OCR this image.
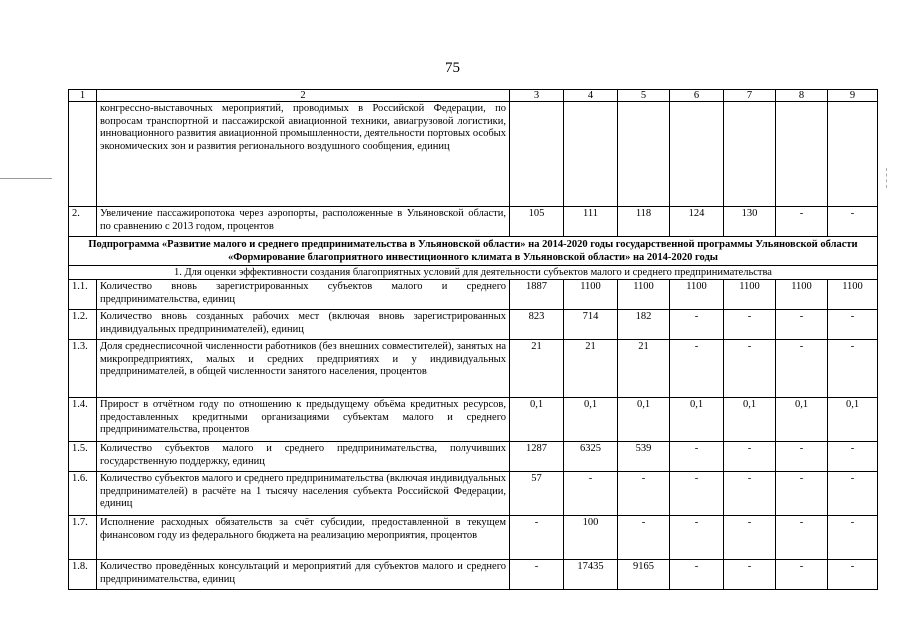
75
1	2	3	4	5	6	7	8	9
	конгрессно-выставочных мероприятий, проводимых в Российской Федерации, по вопросам транспортной и пассажирской авиационной техники, авиагрузовой логистики, инновационного развития авиационной промышленности, деятельности портовых особых экономических зон и развития регионального воздушного сообщения, единиц							
2.	Увеличение пассажиропотока через аэропорты, расположенные в Ульяновской области, по сравнению с 2013 годом, процентов	105	111	118	124	130	-	-
Подпрограмма «Развитие малого и среднего предпринимательства в Ульяновской области» на 2014-2020 годы государственной программы Ульяновской области «Формирование благоприятного инвестиционного климата в Ульяновской области» на 2014-2020 годы								
1. Для оценки эффективности создания благоприятных условий для деятельности субъектов малого и среднего предпринимательства								
1.1.	Количество вновь зарегистрированных субъектов малого и среднего предпринимательства, единиц	1887	1100	1100	1100	1100	1100	1100
1.2.	Количество вновь созданных рабочих мест (включая вновь зарегистрированных индивидуальных предпринимателей), единиц	823	714	182	-	-	-	-
1.3.	Доля среднесписочной численности работников (без внешних совместителей), занятых на микропредприятиях, малых и средних предприятиях и у индивидуальных предпринимателей, в общей численности занятого населения, процентов	21	21	21	-	-	-	-
1.4.	Прирост в отчётном году по отношению к предыдущему объёма кредитных ресурсов, предоставленных кредитными организациями субъектам малого и среднего предпринимательства, процентов	0,1	0,1	0,1	0,1	0,1	0,1	0,1
1.5.	Количество субъектов малого и среднего предпринимательства, получивших государственную поддержку, единиц	1287	6325	539	-	-	-	-
1.6.	Количество субъектов малого и среднего предпринимательства (включая индивидуальных предпринимателей) в расчёте на 1 тысячу населения субъекта Российской Федерации, единиц	57	-	-	-	-	-	-
1.7.	Исполнение расходных обязательств за счёт субсидии, предоставленной в текущем финансовом году из федерального бюджета на реализацию мероприятия, процентов	-	100	-	-	-	-	-
1.8.	Количество проведённых консультаций и мероприятий для субъектов малого и среднего предпринимательства, единиц	-	17435	9165	-	-	-	-
